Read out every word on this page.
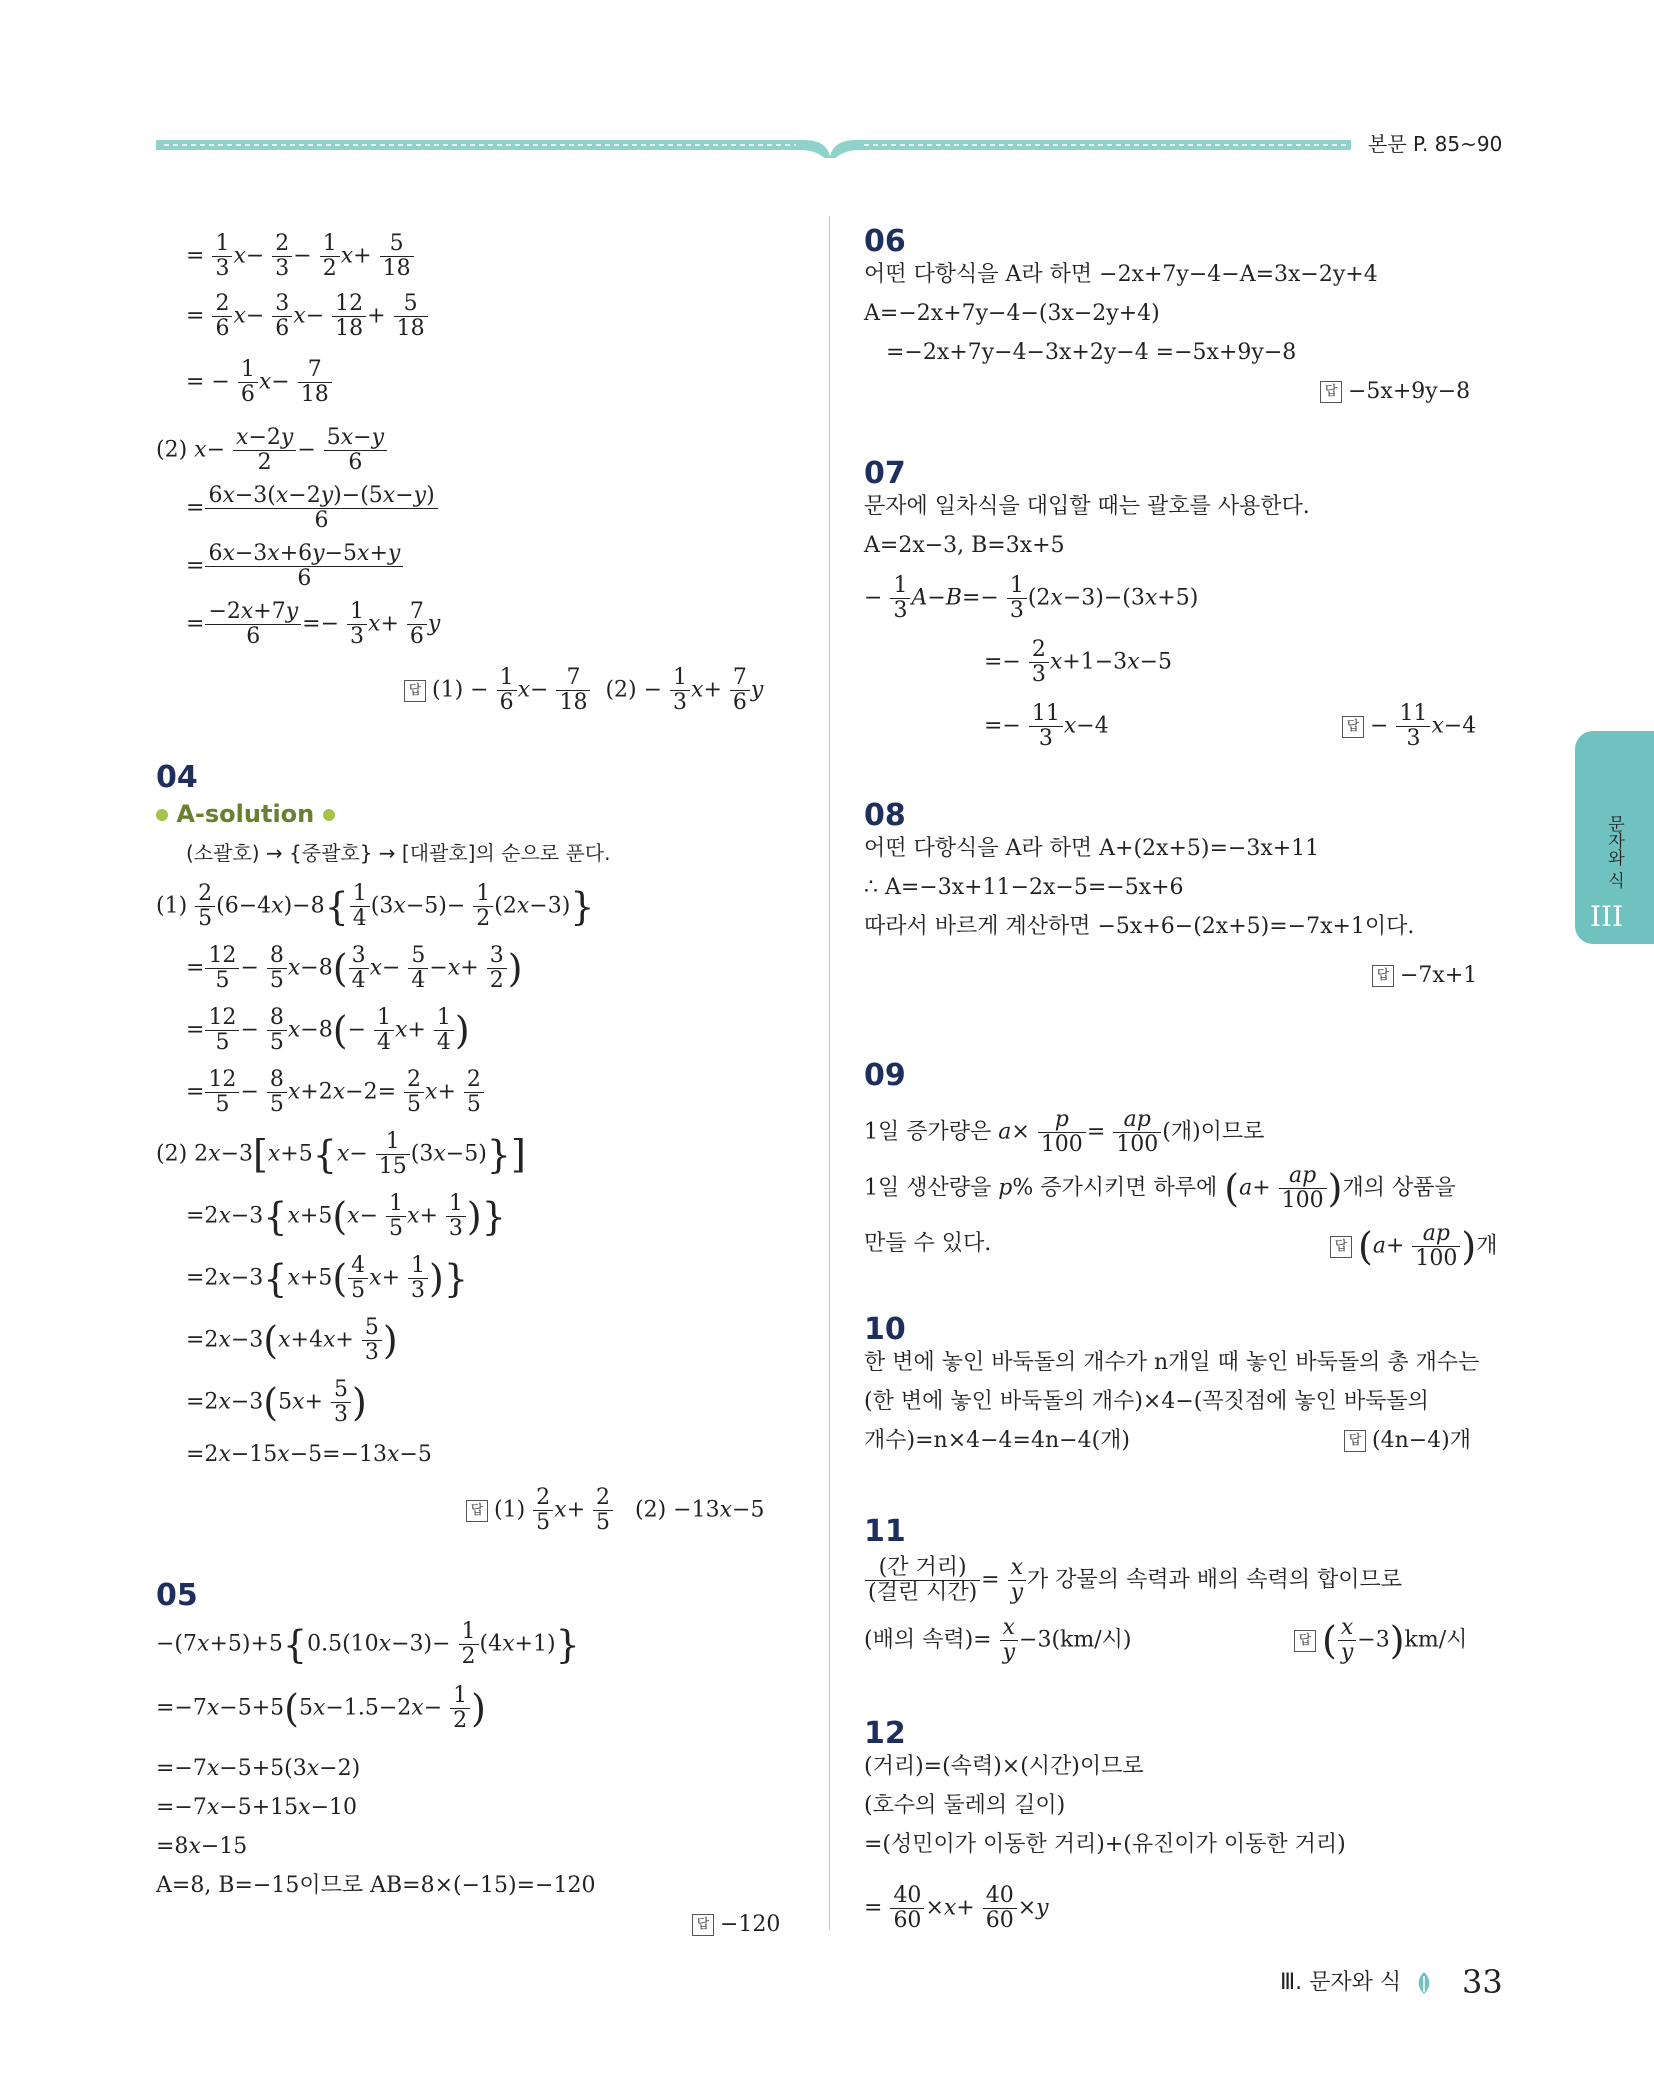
본문 P. 85~90
= $\frac{1}{3} x- \frac{2}{3} - \frac{1}{2} x+ \frac{5}{18}$
= $\frac{2}{6} x- \frac{3}{6} x- \frac{12}{18} + \frac{5}{18}$
= − $\frac{1}{6} x- \frac{7}{18}$
(2) $x- \frac{x-2y}{2} - \frac{5x-y}{6}$
= $\frac{6x-3(x-2y)-(5x-y)}{6}$
= $\frac{6x-3x+6y-5x+y}{6}$
= $\frac{-2x+7y}{6} =- \frac{1}{3} x+ \frac{7}{6}$ y
답 $(1) - \frac{1}{6} x- \frac{7}{18} (2) - \frac{1}{3} x+ \frac{7}{6}$ y
04
A-solution
(소괄호) → {중괄호} → [대괄호]의 순으로 푼다.
$(1) \frac{2}{5} (6-4x)-8\{ \frac{1}{4} (3x-5)- \frac{1}{2} (2x-3)\}$
= $\frac{12}{5} - \frac{8}{5} x-8( \frac{3}{4} x- \frac{5}{4} -x+ \frac{3}{2}$ )
= $\frac{12}{5} - \frac{8}{5} x-8(- \frac{1}{4} x+ \frac{1}{4}$ )
= $\frac{12}{5} - \frac{8}{5} x+2x-2= \frac{2}{5} x+ \frac{2}{5}$
(2) $2x-3[x+5\{x- \frac{1}{15} (3x-5)\}]$
$=2x-3\{x+5(x- \frac{1}{5} x+ \frac{1}{3}$ )}
$=2x-3\{x+5( \frac{4}{5} x+ \frac{1}{3}$ )}
$=2x-3(x+4x+ \frac{5}{3}$ )
$=2x-3(5x+ \frac{5}{3}$ )
=2x−15x−5=−13x−5
답 $(1) \frac{2}{5} x+ \frac{2}{5} (2) -13x-5$
05
$-(7x+5)+5\{0.5(10x-3)- \frac{1}{2} (4x+1)\}$
$=-7x-5+5(5x-1.5-2x- \frac{1}{2}$ )
=−7x−5+5(3x−2)
=−7x−5+15x−10
=8x−15
A=8, B=−15이므로 AB=8×(−15)=−120
답 −120
06
어떤 다항식을 A라 하면 −2x+7y−4−A=3x−2y+4
A=−2x+7y−4−(3x−2y+4)
=−2x+7y−4−3x+2y−4 =−5x+9y−8
답 −5x+9y−8
07
문자에 일차식을 대입할 때는 괄호를 사용한다.
A=2x−3, B=3x+5
− $\frac{1}{3} A-B=- \frac{1}{3} (2x-3)-(3x+5)$
=− $\frac{2}{3} x+1-3x-5$
=− $\frac{11}{3} x-4$	답 − $\frac{11}{3} x-4$
08
어떤 다항식을 A라 하면 A+(2x+5)=−3x+11
∴ A=−3x+11−2x−5=−5x+6
따라서 바르게 계산하면 −5x+6−(2x+5)=−7x+1이다.
답 −7x+1
09
1일 증가량은 $a\times \frac{p}{100} = \frac{ap}{100}$ (개)이므로
1일 생산량을 p% 증가시키면 하루에 ($a+ \frac{ap}{100}$ )개의 상품을
만들 수 있다.	답 ($a+ \frac{ap}{100}$ )개
10
한 변에 놓인 바둑돌의 개수가 n개일 때 놓인 바둑돌의 총 개수는
(한 변에 놓인 바둑돌의 개수)×4−(꼭짓점에 놓인 바둑돌의
개수)=n×4−4=4n−4(개)	답 (4n−4)개
11
$\frac{\text{(간 거리)}}{\text{(걸린 시간)}} = \frac{x}{y}$ 가 강물의 속력과 배의 속력의 합이므로
(배의 속력)= $\frac{x}{y} -3(km/$시)	답 ( $\frac{x}{y} -3)km/$시
12
(거리)=(속력)×(시간)이므로
(호수의 둘레의 길이)
=(성민이가 이동한 거리)+(유진이가 이동한 거리)
= $\frac{40}{60} \times x+ \frac{40}{60} \times y$
문자와 식
III
Ⅲ. 문자와 식	33
